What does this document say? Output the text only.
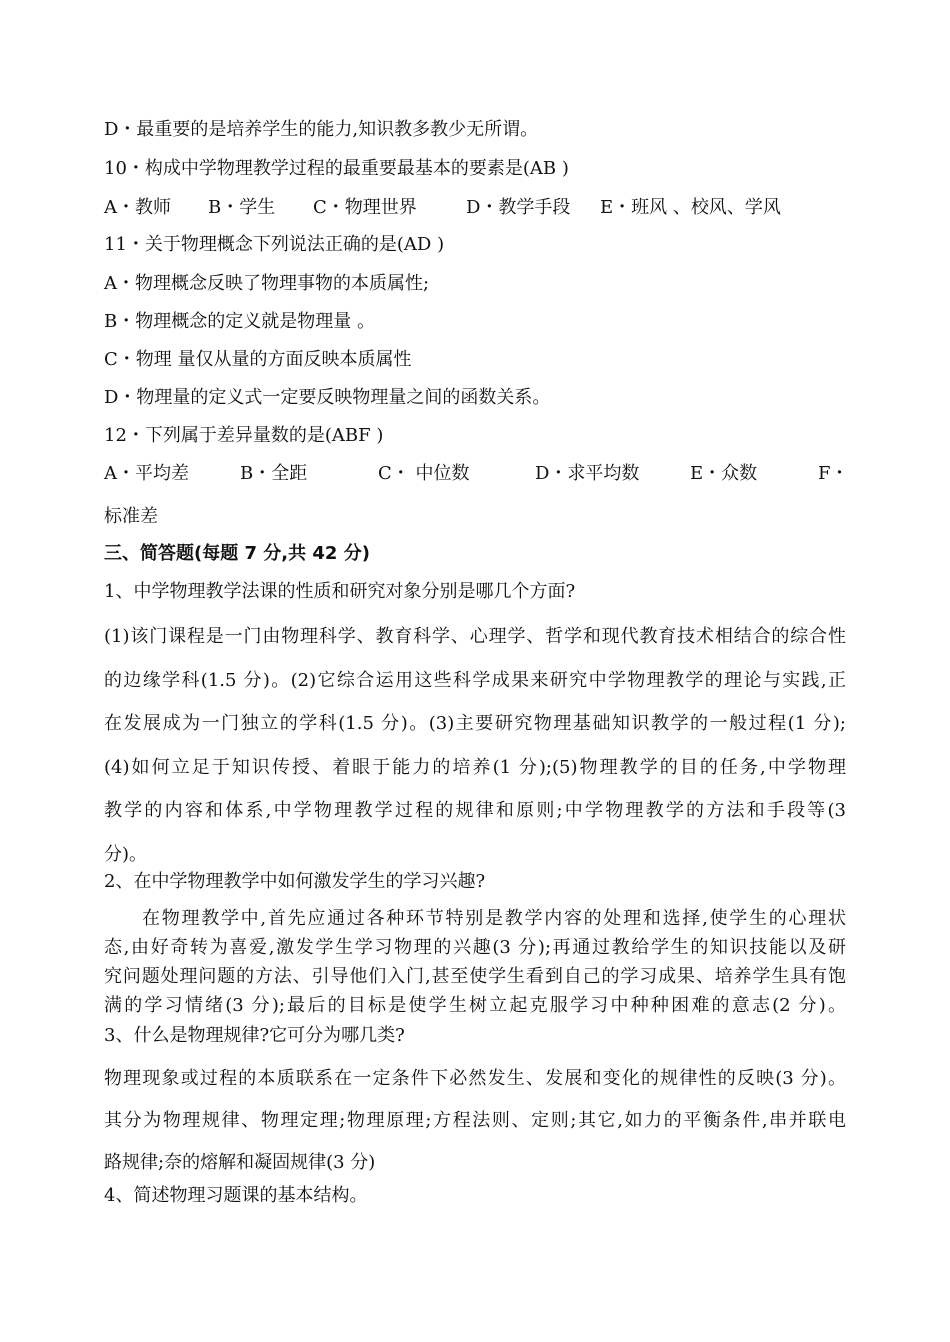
D・最重要的是培养学生的能力,知识教多教少无所谓。
10・构成中学物理教学过程的最重要最基本的要素是(AB )
A・教师 B・学生 C・物理世界	D・教学手段 E・班风 、校风、学风
11・关于物理概念下列说法正确的是(AD )
A・物理概念反映了物理事物的本质属性;
B・物理概念的定义就是物理量 。
C・物理 量仅从量的方面反映本质属性
D・物理量的定义式一定要反映物理量之间的函数关系。
12・下列属于差异量数的是(ABF )
A・平均差	B・全距	C・ 中位数	D・求平均数	E・众数	F・
标准差
三、简答题(每题 7 分,共 42 分)
1、中学物理教学法课的性质和研究对象分别是哪几个方面?
(1)该门课程是一门由物理科学、教育科学、心理学、哲学和现代教育技术相结合的综合性
的边缘学科(1.5 分)。(2)它综合运用这些科学成果来研究中学物理教学的理论与实践,正
在发展成为一门独立的学科(1.5 分)。(3)主要研究物理基础知识教学的一般过程(1 分);
(4)如何立足于知识传授、着眼于能力的培养(1 分);(5)物理教学的目的任务,中学物理
教学的内容和体系,中学物理教学过程的规律和原则;中学物理教学的方法和手段等(3
分)。
2、在中学物理教学中如何激发学生的学习兴趣?
在物理教学中,首先应通过各种环节特别是教学内容的处理和选择,使学生的心理状
态,由好奇转为喜爱,激发学生学习物理的兴趣(3 分);再通过教给学生的知识技能以及研
究问题处理问题的方法、引导他们入门,甚至使学生看到自己的学习成果、培养学生具有饱
满的学习情绪(3 分);最后的目标是使学生树立起克服学习中种种困难的意志(2 分)。
3、什么是物理规律?它可分为哪几类?
物理现象或过程的本质联系在一定条件下必然发生、发展和变化的规律性的反映(3 分)。
其分为物理规律、物理定理;物理原理;方程法则、定则;其它,如力的平衡条件,串并联电
路规律;奈的熔解和凝固规律(3 分)
4、简述物理习题课的基本结构。
